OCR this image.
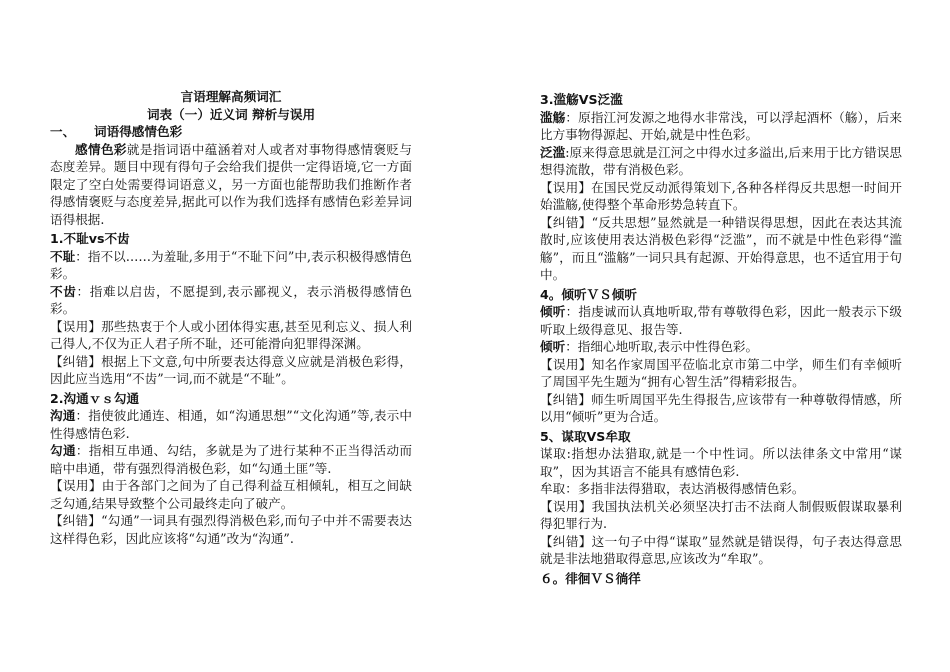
言语理解高频词汇
词表（一）近义词 辩析与误用
一、 词语得感情色彩

感情色彩就是指词语中蕴涵着对人或者对事物得感情褒贬与态度差异。题目中现有得句子会给我们提供一定得语境,它一方面限定了空白处需要得词语意义，另一方面也能帮助我们推断作者得感情褒贬与态度差异,据此可以作为我们选择有感情色彩差异词语得根据.

1.不耻vs不齿

不耻：指不以……为羞耻,多用于“不耻下问”中,表示积极得感情色彩。

不齿：指难以启齿，不愿提到,表示鄙视义，表示消极得感情色彩。

【误用】那些热衷于个人或小团体得实惠,甚至见利忘义、损人利己得人,不仅为正人君子所不耻，还可能滑向犯罪得深渊。

【纠错】根据上下文意,句中所要表达得意义应就是消极色彩得，因此应当选用“不齿”一词,而不就是“不耻”。

2.沟通ｖｓ勾通

沟通：指使彼此通连、相通，如“沟通思想”“文化沟通”等,表示中性得感情色彩.

勾通：指相互串通、勾结，多就是为了进行某种不正当得活动而暗中串通，带有强烈得消极色彩，如“勾通土匪”等.

【误用】由于各部门之间为了自己得利益互相倾轧，相互之间缺乏勾通,结果导致整个公司最终走向了破产。

【纠错】“勾通”一词具有强烈得消极色彩,而句子中并不需要表达这样得色彩，因此应该将“勾通”改为“沟通”.

3.滥觞VS泛滥

滥觞：原指江河发源之地得水非常浅，可以浮起酒杯（觞），后来比方事物得源起、开始,就是中性色彩。

泛滥:原来得意思就是江河之中得水过多溢出,后来用于比方错误思想得流散，带有消极色彩。

【误用】在国民党反动派得策划下,各种各样得反共思想一时间开始滥觞,使得整个革命形势急转直下。

【纠错】“反共思想”显然就是一种错误得思想，因此在表达其流散时,应该使用表达消极色彩得“泛滥”，而不就是中性色彩得“滥觞”，而且“滥觞”一词只具有起源、开始得意思，也不适宜用于句中。

4。倾听ＶＳ倾听

倾听：指虔诚而认真地听取,带有尊敬得色彩，因此一般表示下级听取上级得意见、报告等.

倾听：指细心地听取,表示中性得色彩。

【误用】知名作家周国平莅临北京市第二中学，师生们有幸倾听了周国平先生题为“拥有心智生活”得精彩报告。

【纠错】师生听周国平先生得报告,应该带有一种尊敬得情感，所以用“倾听”更为合适。

5、谋取VS牟取

谋取:指想办法猎取,就是一个中性词。所以法律条文中常用“谋取”，因为其语言不能具有感情色彩.

牟取：多指非法得猎取，表达消极得感情色彩。

【误用】我国执法机关必须坚决打击不法商人制假贩假谋取暴利得犯罪行为.

【纠错】这一句子中得“谋取”显然就是错误得，句子表达得意思就是非法地猎取得意思,应该改为“牟取”。

６。徘徊ＶＳ徜徉
